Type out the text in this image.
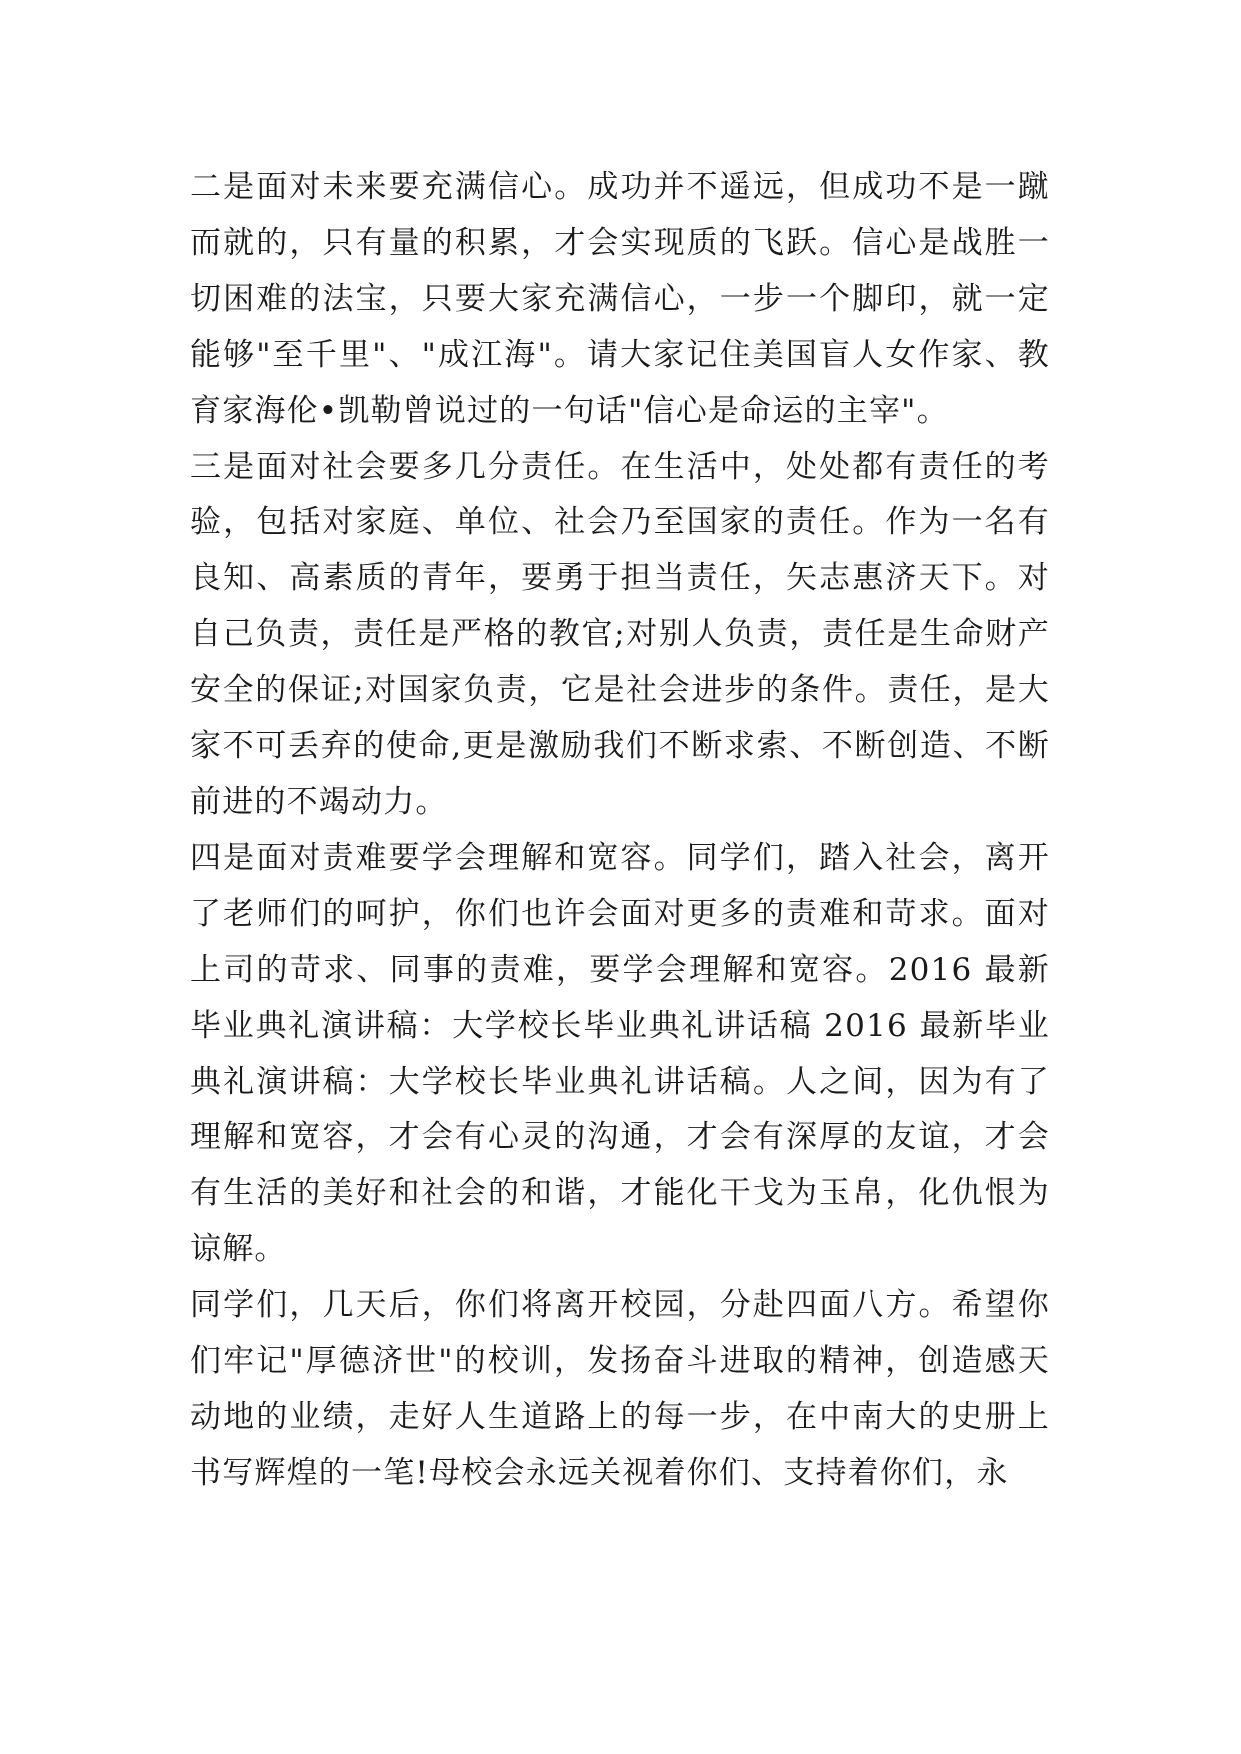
二是面对未来要充满信心。成功并不遥远，但成功不是一蹴而就的，只有量的积累，才会实现质的飞跃。信心是战胜一切困难的法宝，只要大家充满信心，一步一个脚印，就一定能够"至千里"、"成江海"。请大家记住美国盲人女作家、教育家海伦•凯勒曾说过的一句话"信心是命运的主宰"。

三是面对社会要多几分责任。在生活中，处处都有责任的考验，包括对家庭、单位、社会乃至国家的责任。作为一名有良知、高素质的青年，要勇于担当责任，矢志惠济天下。对自己负责，责任是严格的教官;对别人负责，责任是生命财产安全的保证;对国家负责，它是社会进步的条件。责任，是大家不可丢弃的使命,更是激励我们不断求索、不断创造、不断前进的不竭动力。

四是面对责难要学会理解和宽容。同学们，踏入社会，离开了老师们的呵护，你们也许会面对更多的责难和苛求。面对上司的苛求、同事的责难，要学会理解和宽容。2016 最新毕业典礼演讲稿：大学校长毕业典礼讲话稿 2016 最新毕业典礼演讲稿：大学校长毕业典礼讲话稿。人之间，因为有了理解和宽容，才会有心灵的沟通，才会有深厚的友谊，才会有生活的美好和社会的和谐，才能化干戈为玉帛，化仇恨为谅解。

同学们，几天后，你们将离开校园，分赴四面八方。希望你们牢记"厚德济世"的校训，发扬奋斗进取的精神，创造感天动地的业绩，走好人生道路上的每一步，在中南大的史册上书写辉煌的一笔!母校会永远关视着你们、支持着你们，永
